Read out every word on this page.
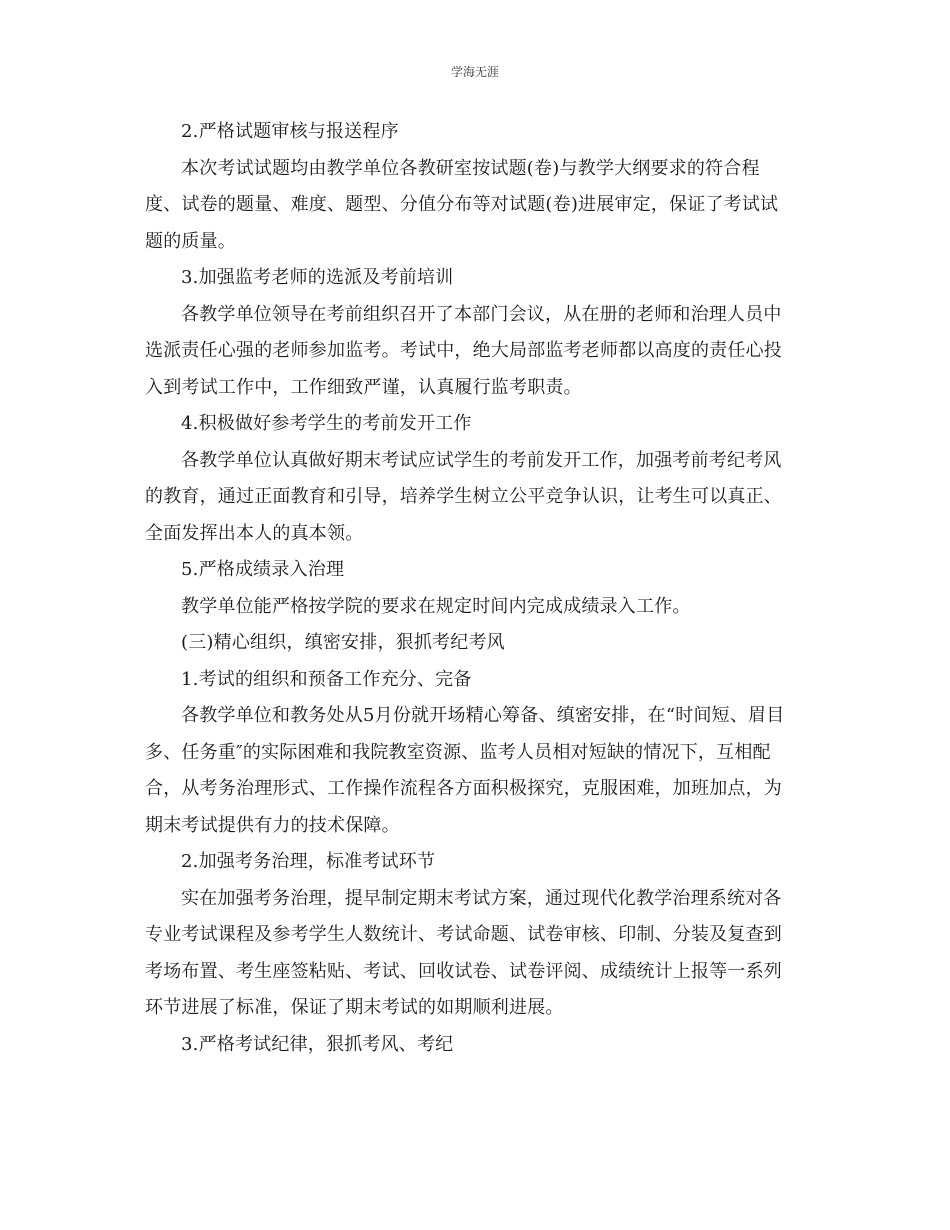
学海无涯
2.严格试题审核与报送程序
本次考试试题均由教学单位各教研室按试题(卷)与教学大纲要求的符合程
度、试卷的题量、难度、题型、分值分布等对试题(卷)进展审定，保证了考试试
题的质量。
3.加强监考老师的选派及考前培训
各教学单位领导在考前组织召开了本部门会议，从在册的老师和治理人员中
选派责任心强的老师参加监考。考试中，绝大局部监考老师都以高度的责任心投
入到考试工作中，工作细致严谨，认真履行监考职责。
4.积极做好参考学生的考前发开工作
各教学单位认真做好期末考试应试学生的考前发开工作，加强考前考纪考风
的教育，通过正面教育和引导，培养学生树立公平竞争认识，让考生可以真正、
全面发挥出本人的真本领。
5.严格成绩录入治理
教学单位能严格按学院的要求在规定时间内完成成绩录入工作。
(三)精心组织，缜密安排，狠抓考纪考风
1.考试的组织和预备工作充分、完备
各教学单位和教务处从5月份就开场精心筹备、缜密安排，在“时间短、眉目
多、任务重″的实际困难和我院教室资源、监考人员相对短缺的情况下，互相配
合，从考务治理形式、工作操作流程各方面积极探究，克服困难，加班加点，为
期末考试提供有力的技术保障。
2.加强考务治理，标准考试环节
实在加强考务治理，提早制定期末考试方案，通过现代化教学治理系统对各
专业考试课程及参考学生人数统计、考试命题、试卷审核、印制、分装及复查到
考场布置、考生座签粘贴、考试、回收试卷、试卷评阅、成绩统计上报等一系列
环节进展了标准，保证了期末考试的如期顺利进展。
3.严格考试纪律，狠抓考风、考纪
